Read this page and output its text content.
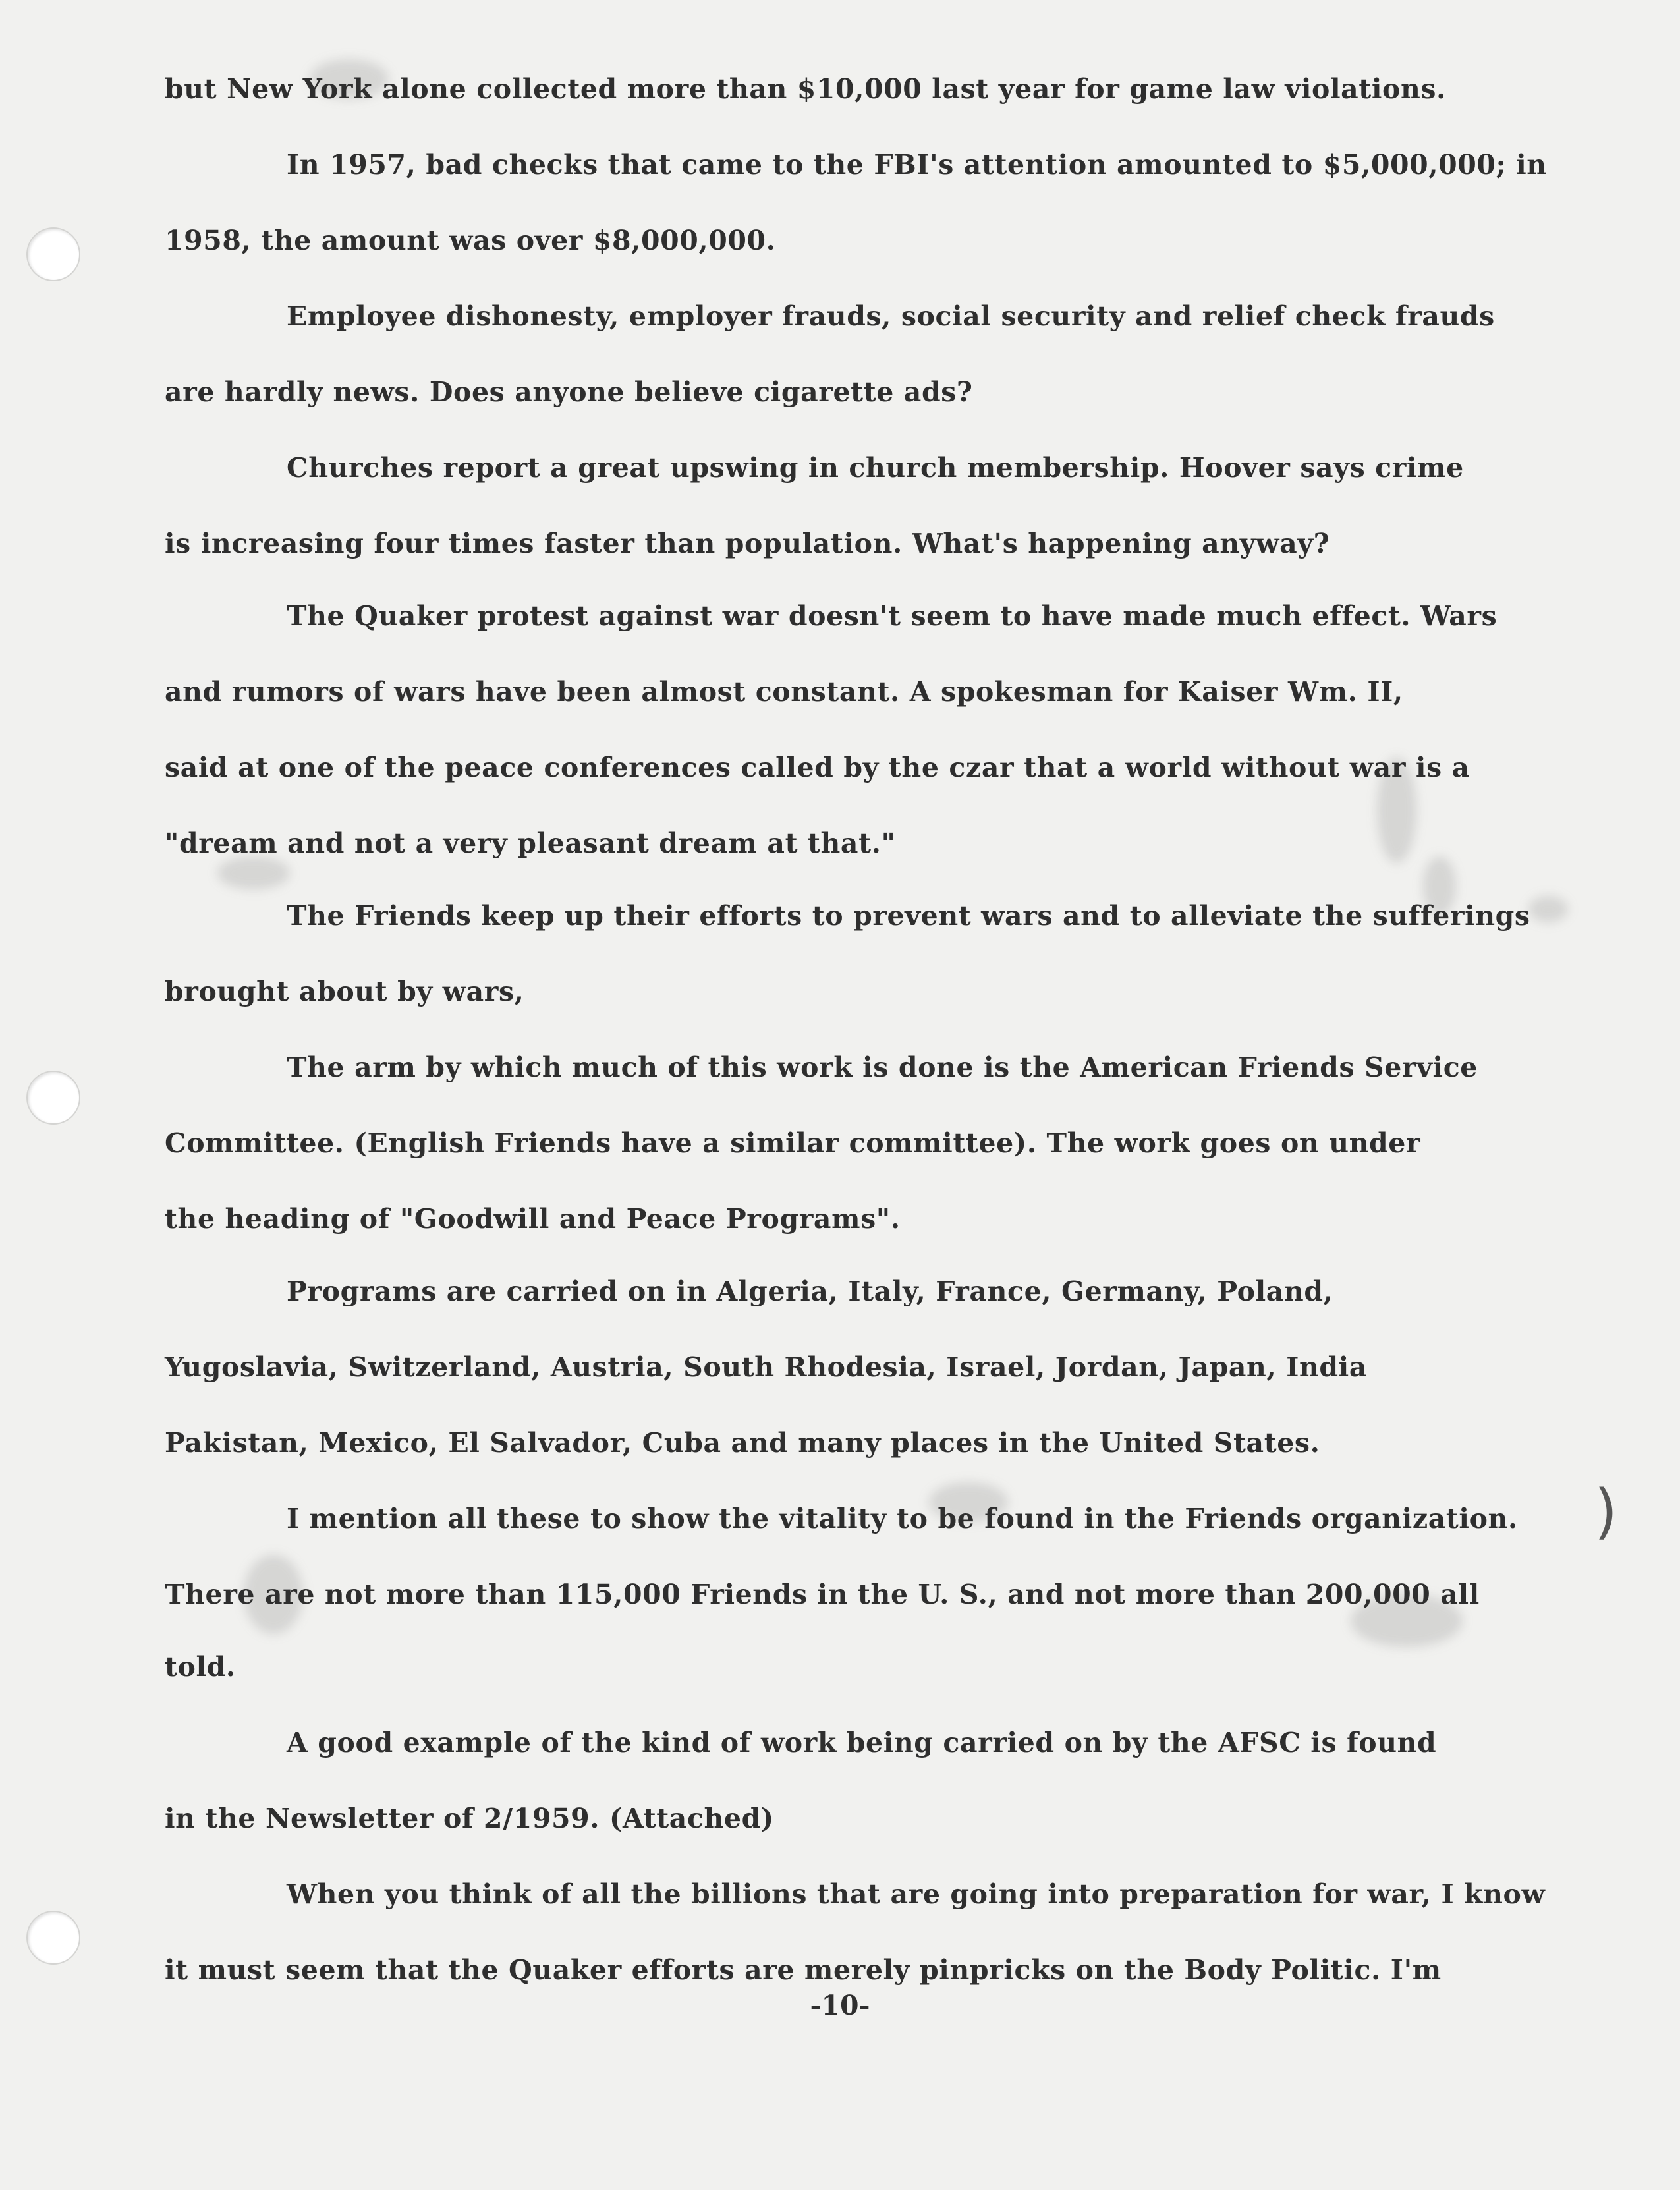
)
but New York alone collected more than $10,000 last year for game law violations.
In 1957, bad checks that came to the FBI's attention amounted to $5,000,000; in
1958, the amount was over $8,000,000.
Employee dishonesty, employer frauds, social security and relief check frauds
are hardly news. Does anyone believe cigarette ads?
Churches report a great upswing in church membership. Hoover says crime
is increasing four times faster than population. What's happening anyway?
The Quaker protest against war doesn't seem to have made much effect. Wars
and rumors of wars have been almost constant. A spokesman for Kaiser Wm. II,
said at one of the peace conferences called by the czar that a world without war is a
"dream and not a very pleasant dream at that."
The Friends keep up their efforts to prevent wars and to alleviate the sufferings
brought about by wars,
The arm by which much of this work is done is the American Friends Service
Committee. (English Friends have a similar committee). The work goes on under
the heading of "Goodwill and Peace Programs".
Programs are carried on in Algeria, Italy, France, Germany, Poland,
Yugoslavia, Switzerland, Austria, South Rhodesia, Israel, Jordan, Japan, India
Pakistan, Mexico, El Salvador, Cuba and many places in the United States.
I mention all these to show the vitality to be found in the Friends organization.
There are not more than 115,000 Friends in the U. S., and not more than 200,000 all
told.
A good example of the kind of work being carried on by the AFSC is found
in the Newsletter of 2/1959. (Attached)
When you think of all the billions that are going into preparation for war, I know
it must seem that the Quaker efforts are merely pinpricks on the Body Politic. I'm
-10-
